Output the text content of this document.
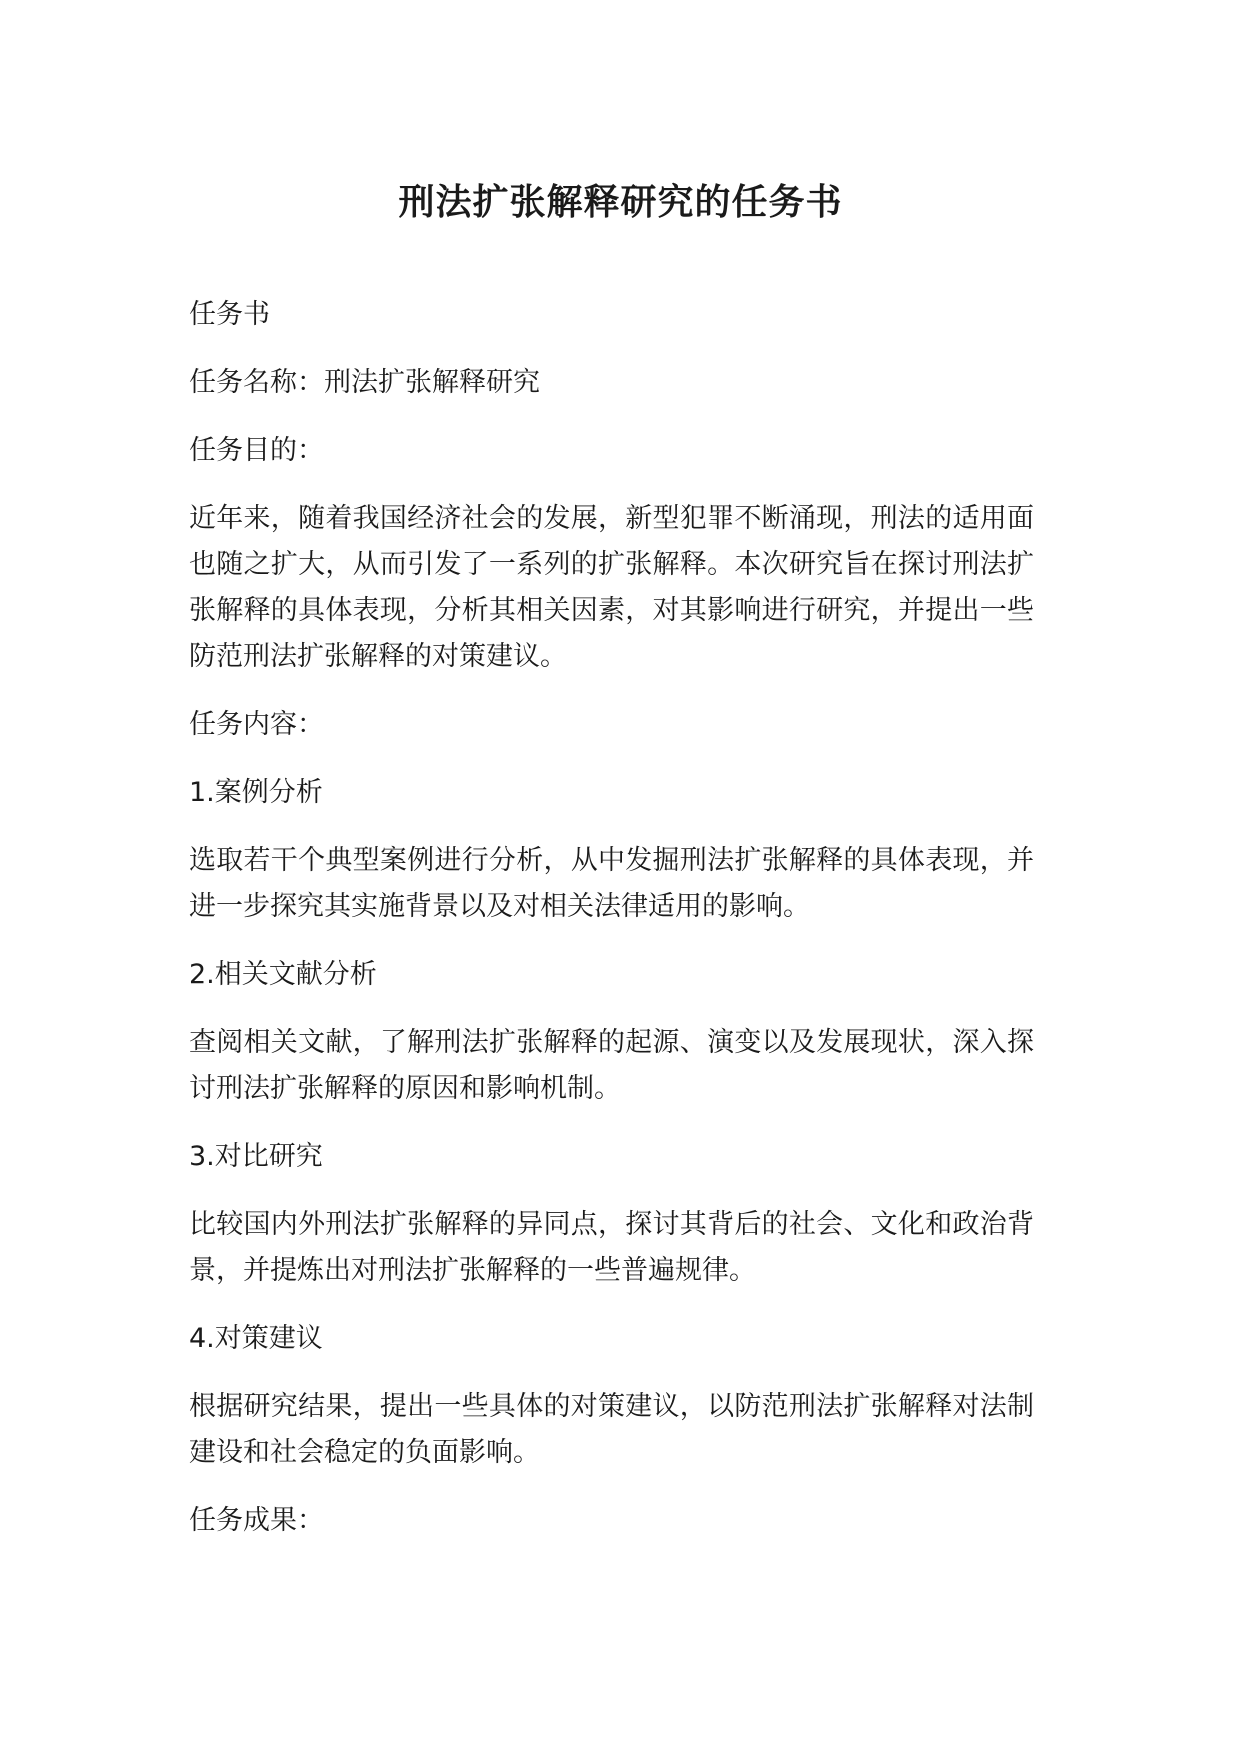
刑法扩张解释研究的任务书

任务书

任务名称：刑法扩张解释研究

任务目的：

近年来，随着我国经济社会的发展，新型犯罪不断涌现，刑法的适用面也随之扩大，从而引发了一系列的扩张解释。本次研究旨在探讨刑法扩张解释的具体表现，分析其相关因素，对其影响进行研究，并提出一些防范刑法扩张解释的对策建议。

任务内容：

1.案例分析

选取若干个典型案例进行分析，从中发掘刑法扩张解释的具体表现，并进一步探究其实施背景以及对相关法律适用的影响。

2.相关文献分析

查阅相关文献，了解刑法扩张解释的起源、演变以及发展现状，深入探讨刑法扩张解释的原因和影响机制。

3.对比研究

比较国内外刑法扩张解释的异同点，探讨其背后的社会、文化和政治背景，并提炼出对刑法扩张解释的一些普遍规律。

4.对策建议

根据研究结果，提出一些具体的对策建议，以防范刑法扩张解释对法制建设和社会稳定的负面影响。

任务成果：
